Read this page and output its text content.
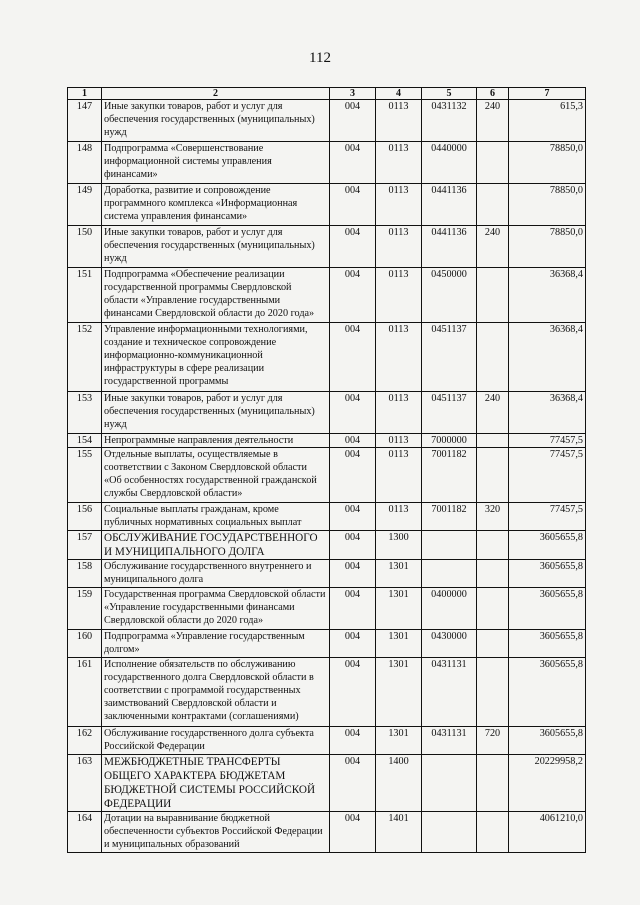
112
1	2	3	4	5	6	7
147	Иные закупки товаров, работ и услуг для обеспечения государственных (муниципальных) нужд	004	0113	0431132	240	615,3
148	Подпрограмма «Совершенствование информационной системы управления финансами»	004	0113	0440000		78850,0
149	Доработка, развитие и сопровождение программного комплекса «Информационная система управления финансами»	004	0113	0441136		78850,0
150	Иные закупки товаров, работ и услуг для обеспечения государственных (муниципальных) нужд	004	0113	0441136	240	78850,0
151	Подпрограмма «Обеспечение реализации государственной программы Свердловской области «Управление государственными финансами Свердловской области до 2020 года»	004	0113	0450000		36368,4
152	Управление информационными технологиями, создание и техническое сопровождение информационно-коммуникационной инфраструктуры в сфере реализации государственной программы	004	0113	0451137		36368,4
153	Иные закупки товаров, работ и услуг для обеспечения государственных (муниципальных) нужд	004	0113	0451137	240	36368,4
154	Непрограммные направления деятельности	004	0113	7000000		77457,5
155	Отдельные выплаты, осуществляемые в соответствии с Законом Свердловской области «Об особенностях государственной гражданской службы Свердловской области»	004	0113	7001182		77457,5
156	Социальные выплаты гражданам, кроме публичных нормативных социальных выплат	004	0113	7001182	320	77457,5
157	ОБСЛУЖИВАНИЕ ГОСУДАРСТВЕННОГО И МУНИЦИПАЛЬНОГО ДОЛГА	004	1300			3605655,8
158	Обслуживание государственного внутреннего и муниципального долга	004	1301			3605655,8
159	Государственная программа Свердловской области «Управление государственными финансами Свердловской области до 2020 года»	004	1301	0400000		3605655,8
160	Подпрограмма «Управление государственным долгом»	004	1301	0430000		3605655,8
161	Исполнение обязательств по обслуживанию государственного долга Свердловской области в соответствии с программой государственных заимствований Свердловской области и заключенными контрактами (соглашениями)	004	1301	0431131		3605655,8
162	Обслуживание государственного долга субъекта Российской Федерации	004	1301	0431131	720	3605655,8
163	МЕЖБЮДЖЕТНЫЕ ТРАНСФЕРТЫ ОБЩЕГО ХАРАКТЕРА БЮДЖЕТАМ БЮДЖЕТНОЙ СИСТЕМЫ РОССИЙСКОЙ ФЕДЕРАЦИИ	004	1400			20229958,2
164	Дотации на выравнивание бюджетной обеспеченности субъектов Российской Федерации и муниципальных образований	004	1401			4061210,0
